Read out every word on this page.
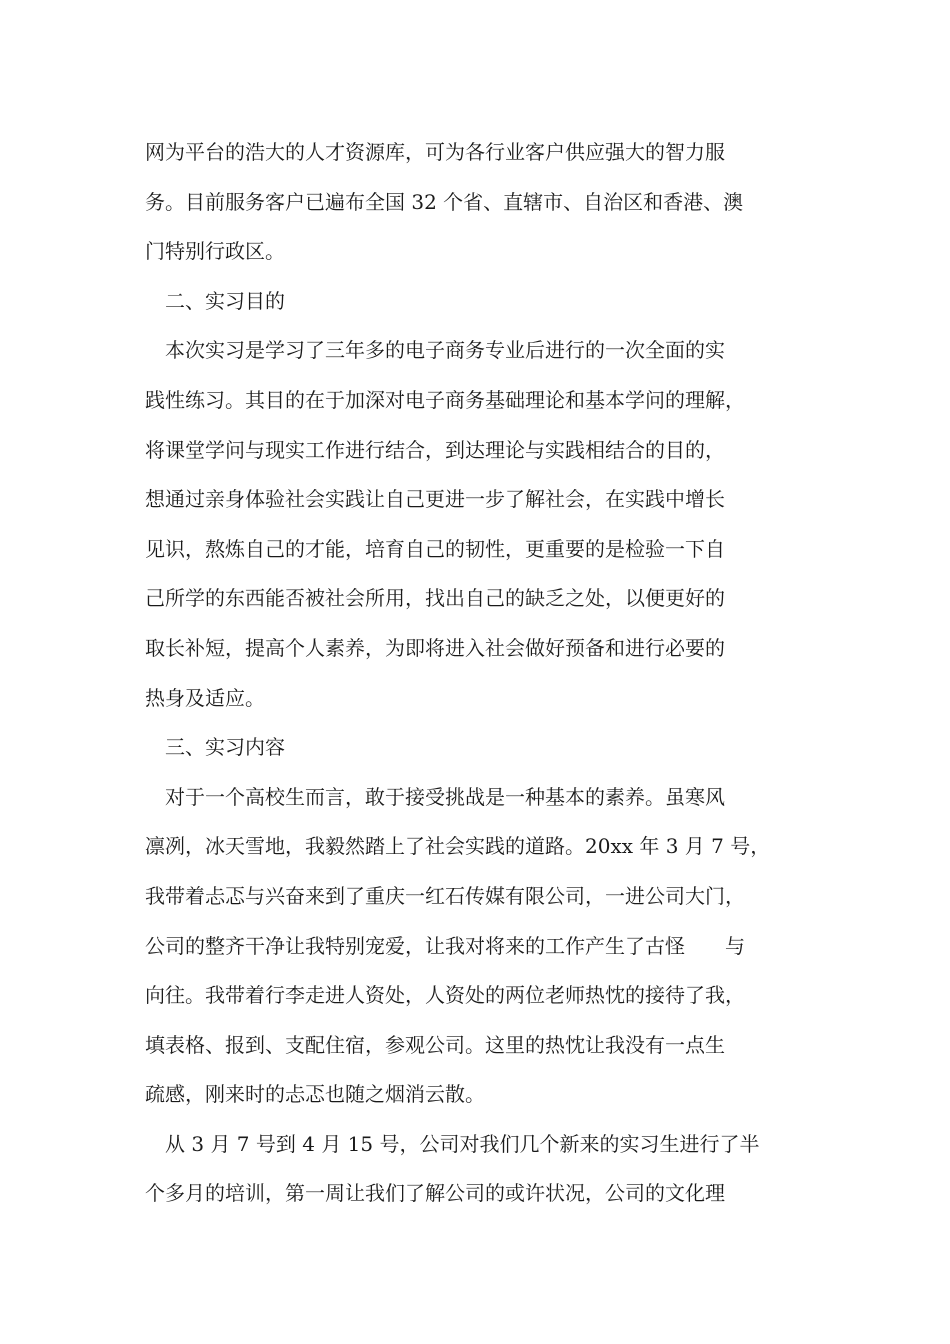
网为平台的浩大的人才资源库，可为各行业客户供应强大的智力服
务。目前服务客户已遍布全国 32 个省、直辖市、自治区和香港、澳
门特别行政区。
二、实习目的
本次实习是学习了三年多的电子商务专业后进行的一次全面的实
践性练习。其目的在于加深对电子商务基础理论和基本学问的理解，
将课堂学问与现实工作进行结合，到达理论与实践相结合的目的，
想通过亲身体验社会实践让自己更进一步了解社会，在实践中增长
见识，熬炼自己的才能，培育自己的韧性，更重要的是检验一下自
己所学的东西能否被社会所用，找出自己的缺乏之处，以便更好的
取长补短，提高个人素养，为即将进入社会做好预备和进行必要的
热身及适应。
三、实习内容
对于一个高校生而言，敢于接受挑战是一种基本的素养。虽寒风
凛冽，冰天雪地，我毅然踏上了社会实践的道路。20xx 年 3 月 7 号，
我带着忐忑与兴奋来到了重庆一红石传媒有限公司，一进公司大门，
公司的整齐干净让我特别宠爱，让我对将来的工作产生了古怪　　与
向往。我带着行李走进人资处，人资处的两位老师热忱的接待了我，
填表格、报到、支配住宿，参观公司。这里的热忱让我没有一点生
疏感，刚来时的忐忑也随之烟消云散。
从 3 月 7 号到 4 月 15 号，公司对我们几个新来的实习生进行了半
个多月的培训，第一周让我们了解公司的或许状况，公司的文化理
